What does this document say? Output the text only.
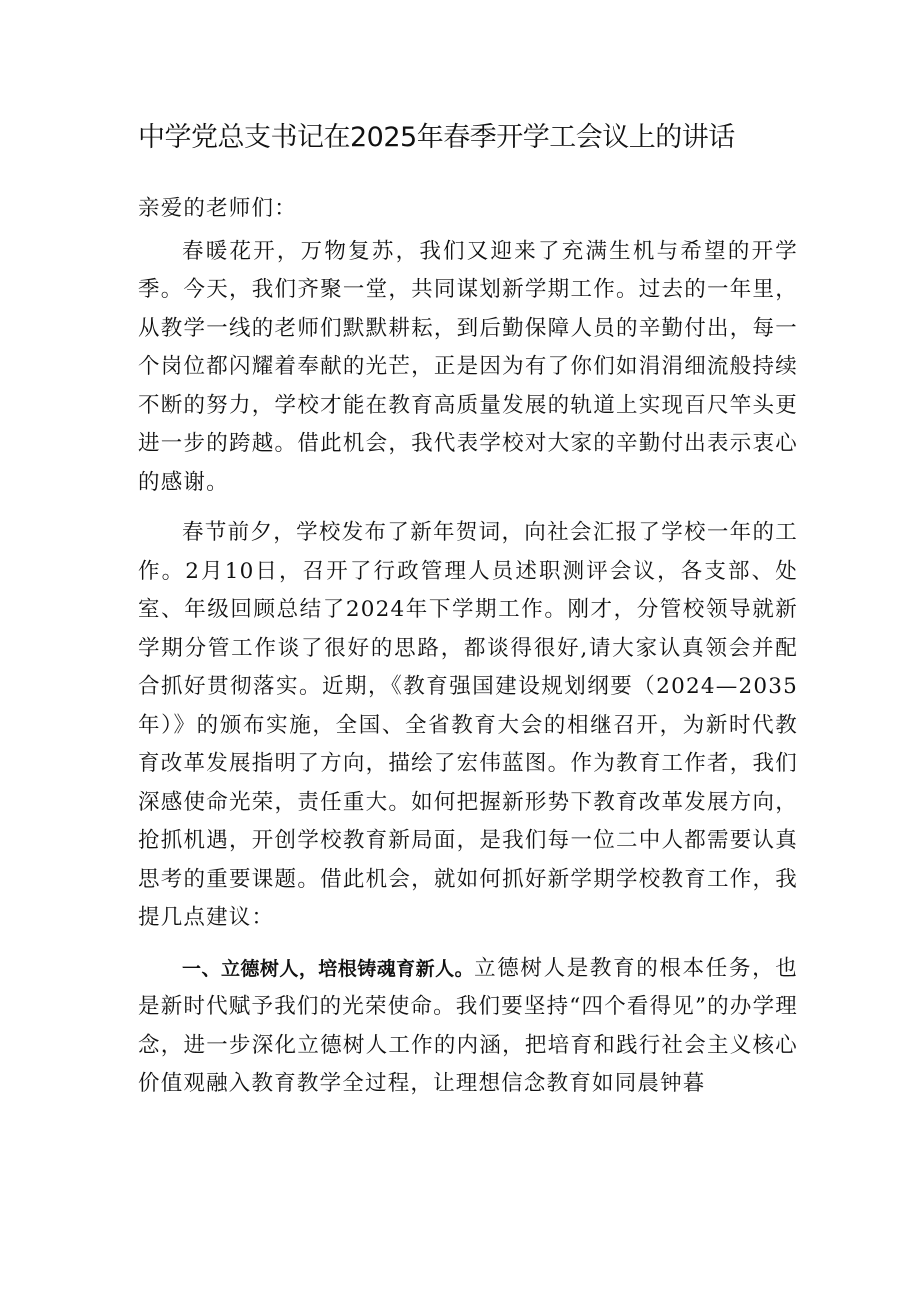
中学党总支书记在2025年春季开学工会议上的讲话

亲爱的老师们：

春暖花开，万物复苏，我们又迎来了充满生机与希望的开学季。今天，我们齐聚一堂，共同谋划新学期工作。过去的一年里，从教学一线的老师们默默耕耘，到后勤保障人员的辛勤付出，每一个岗位都闪耀着奉献的光芒，正是因为有了你们如涓涓细流般持续不断的努力，学校才能在教育高质量发展的轨道上实现百尺竿头更进一步的跨越。借此机会，我代表学校对大家的辛勤付出表示衷心的感谢。

春节前夕，学校发布了新年贺词，向社会汇报了学校一年的工作。2月10日，召开了行政管理人员述职测评会议，各支部、处室、年级回顾总结了2024年下学期工作。刚才，分管校领导就新学期分管工作谈了很好的思路，都谈得很好,请大家认真领会并配合抓好贯彻落实。近期，《教育强国建设规划纲要（2024—2035年）》的颁布实施，全国、全省教育大会的相继召开，为新时代教育改革发展指明了方向，描绘了宏伟蓝图。作为教育工作者，我们深感使命光荣，责任重大。如何把握新形势下教育改革发展方向，抢抓机遇，开创学校教育新局面，是我们每一位二中人都需要认真思考的重要课题。借此机会，就如何抓好新学期学校教育工作，我提几点建议：

一、立德树人，培根铸魂育新人。立德树人是教育的根本任务，也是新时代赋予我们的光荣使命。我们要坚持“四个看得见”的办学理念，进一步深化立德树人工作的内涵，把培育和践行社会主义核心价值观融入教育教学全过程，让理想信念教育如同晨钟暮
